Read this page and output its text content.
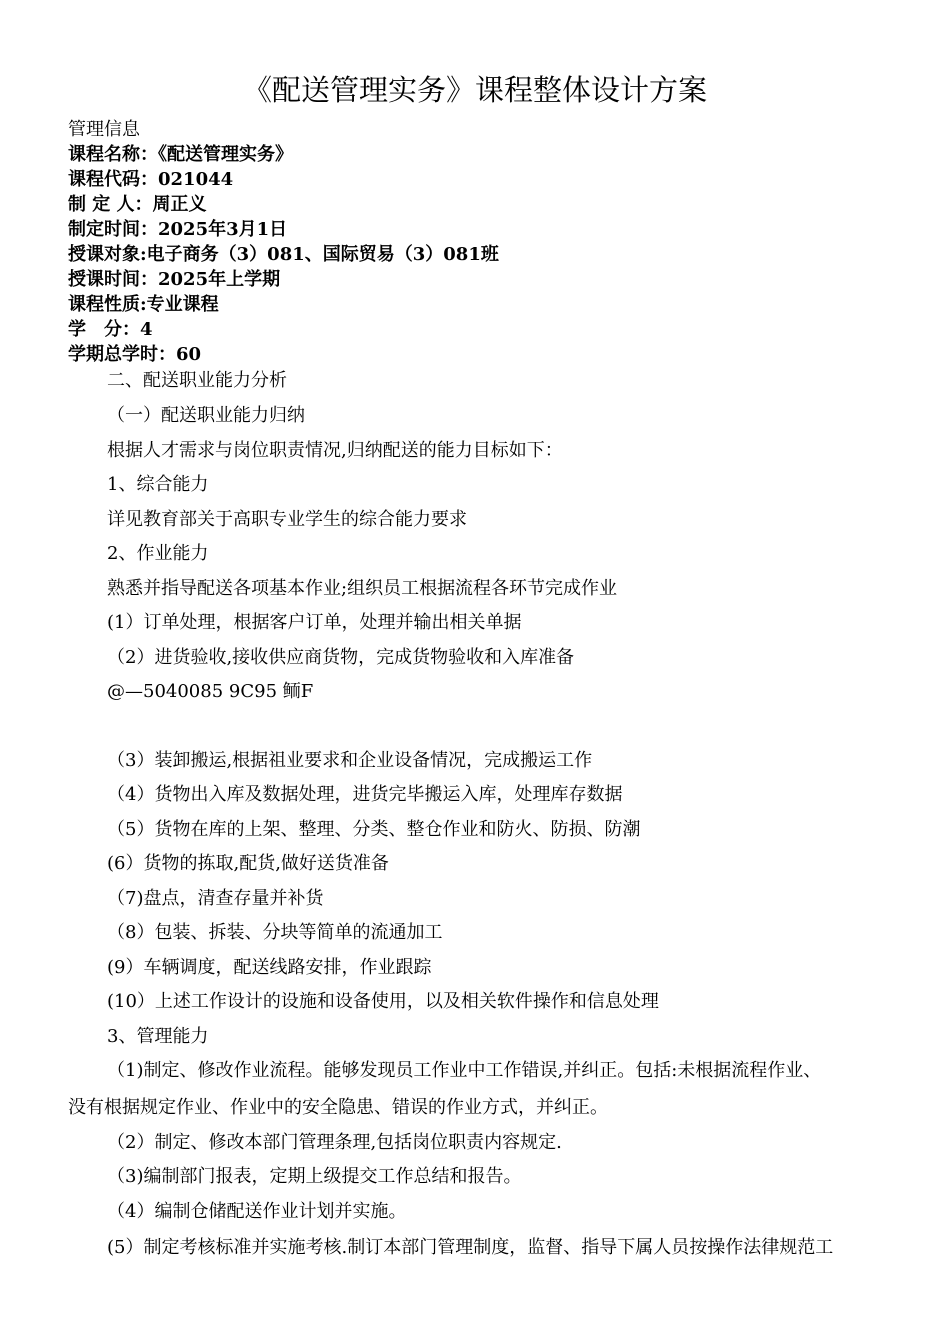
《配送管理实务》课程整体设计方案
管理信息
课程名称：《配送管理实务》
课程代码：021044
制 定 人：周正义
制定时间：2025年3月1日
授课对象:电子商务（3）081、国际贸易（3）081班
授课时间：2025年上学期
课程性质:专业课程
学　分：4
学期总学时：60
二、配送职业能力分析
（一）配送职业能力归纳
根据人才需求与岗位职责情况,归纳配送的能力目标如下：
1、综合能力
详见教育部关于高职专业学生的综合能力要求
2、作业能力
熟悉并指导配送各项基本作业;组织员工根据流程各环节完成作业
(1）订单处理，根据客户订单，处理并输出相关单据
（2）进货验收,接收供应商货物，完成货物验收和入库准备
@—5040085 9C95 鲕F
（3）装卸搬运,根据祖业要求和企业设备情况，完成搬运工作
（4）货物出入库及数据处理，进货完毕搬运入库，处理库存数据
（5）货物在库的上架、整理、分类、整仓作业和防火、防损、防潮
(6）货物的拣取,配货,做好送货准备
（7)盘点，清查存量并补货
（8）包装、拆装、分块等简单的流通加工
(9）车辆调度，配送线路安排，作业跟踪
(10）上述工作设计的设施和设备使用，以及相关软件操作和信息处理
3、管理能力
（1)制定、修改作业流程。能够发现员工作业中工作错误,并纠正。包括:未根据流程作业、
没有根据规定作业、作业中的安全隐患、错误的作业方式，并纠正。
（2）制定、修改本部门管理条理,包括岗位职责内容规定.
（3)编制部门报表，定期上级提交工作总结和报告。
（4）编制仓储配送作业计划并实施。
(5）制定考核标准并实施考核.制订本部门管理制度，监督、指导下属人员按操作法律规范工
